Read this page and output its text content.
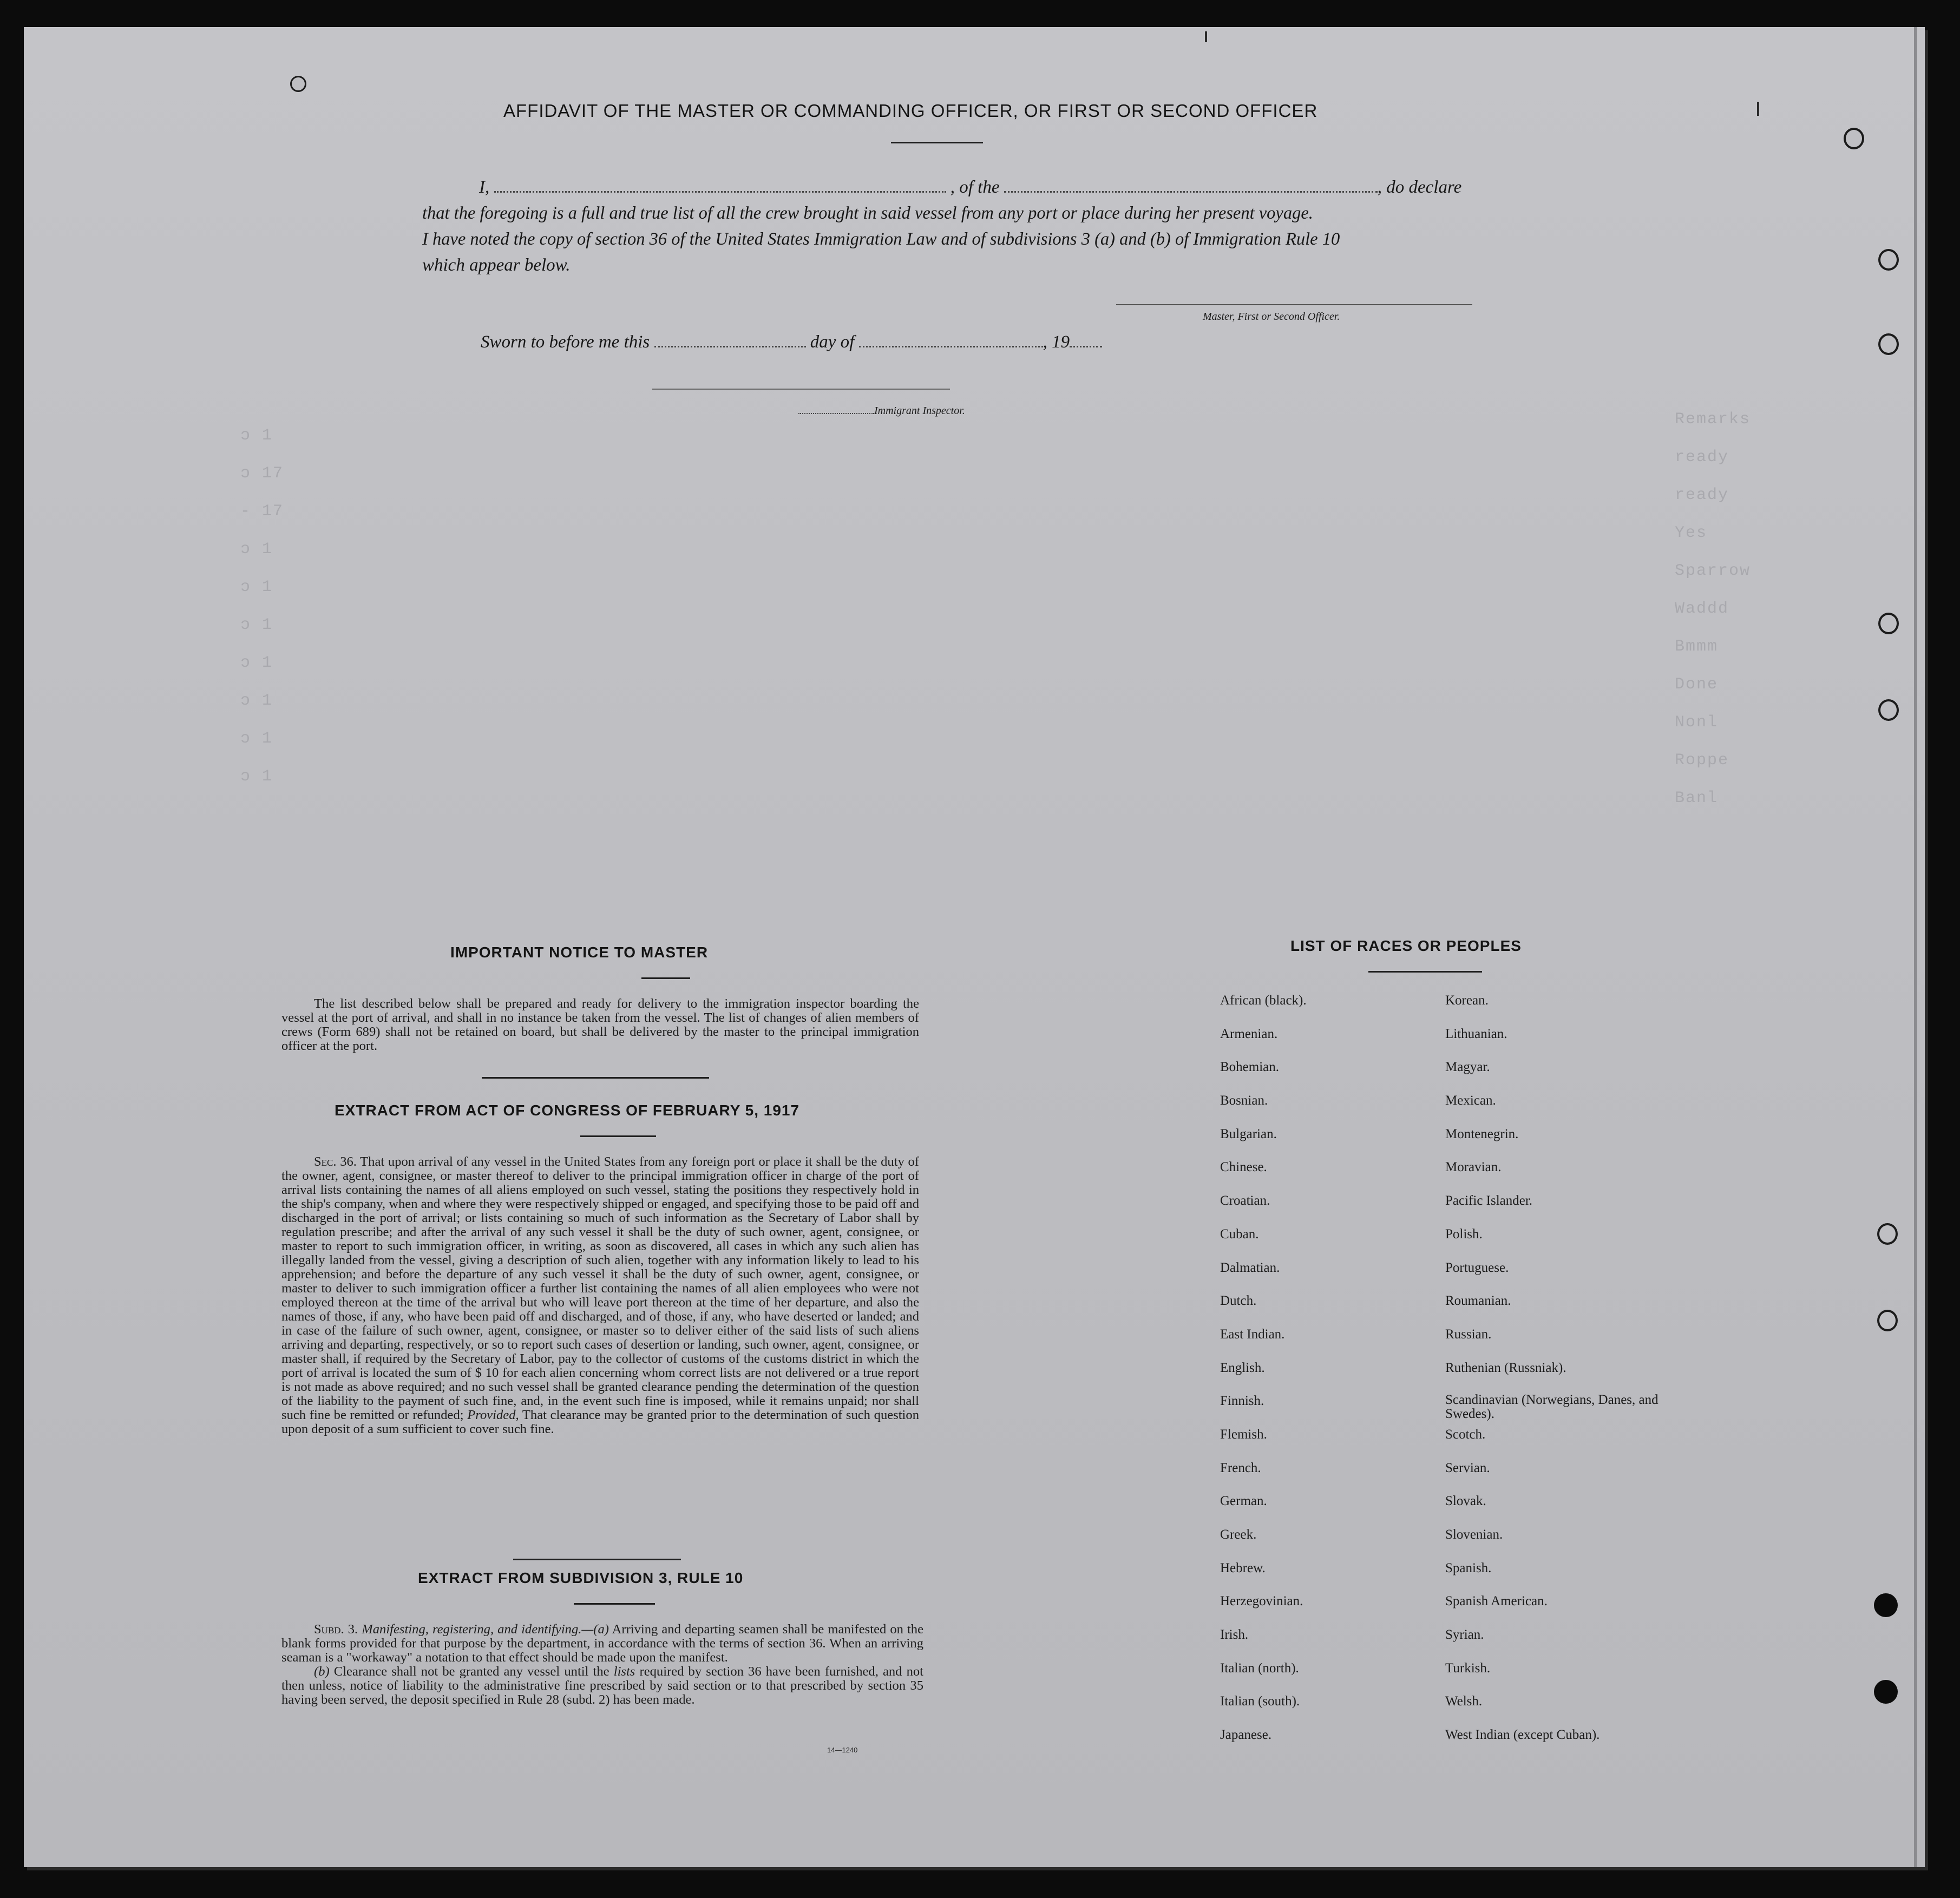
ɔ 1
ɔ 17
- 17
ɔ 1
ɔ 1
ɔ 1
ɔ 1
ɔ 1
ɔ 1
ɔ 1
Remarks
ready
ready
Yes
Sparrow
Waddd
Bmmm
Done
Nonl
Roppe
Banl
AFFIDAVIT OF THE MASTER OR COMMANDING OFFICER, OR FIRST OR SECOND OFFICER
I,	, of the	, do declare
that the foregoing is a full and true list of all the crew brought in said vessel from any port or place during her present voyage.
I have noted the copy of section 36 of the United States Immigration Law and of subdivisions 3 (a) and (b) of Immigration Rule 10
which appear below.
Master, First or Second Officer.
Sworn to before me this	day of	, 19
Immigrant Inspector.
IMPORTANT NOTICE TO MASTER

The list described below shall be prepared and ready for delivery to the immigration inspector boarding the vessel at the port of arrival, and shall in no instance be taken from the vessel. The list of changes of alien members of crews (Form 689) shall not be retained on board, but shall be delivered by the master to the principal immigration officer at the port.

EXTRACT FROM ACT OF CONGRESS OF FEBRUARY 5, 1917

Sec. 36. That upon arrival of any vessel in the United States from any foreign port or place it shall be the duty of the owner, agent, consignee, or master thereof to deliver to the principal immigration officer in charge of the port of arrival lists containing the names of all aliens employed on such vessel, stating the positions they respectively hold in the ship's company, when and where they were respectively shipped or engaged, and specifying those to be paid off and discharged in the port of arrival; or lists containing so much of such information as the Secretary of Labor shall by regulation prescribe; and after the arrival of any such vessel it shall be the duty of such owner, agent, consignee, or master to report to such immigration officer, in writing, as soon as discovered, all cases in which any such alien has illegally landed from the vessel, giving a description of such alien, together with any information likely to lead to his apprehension; and before the departure of any such vessel it shall be the duty of such owner, agent, consignee, or master to deliver to such immigration officer a further list containing the names of all alien employees who were not employed thereon at the time of the arrival but who will leave port thereon at the time of her departure, and also the names of those, if any, who have been paid off and discharged, and of those, if any, who have deserted or landed; and in case of the failure of such owner, agent, consignee, or master so to deliver either of the said lists of such aliens arriving and departing, respectively, or so to report such cases of desertion or landing, such owner, agent, consignee, or master shall, if required by the Secretary of Labor, pay to the collector of customs of the customs district in which the port of arrival is located the sum of $ 10 for each alien concerning whom correct lists are not delivered or a true report is not made as above required; and no such vessel shall be granted clearance pending the determination of the question of the liability to the payment of such fine, and, in the event such fine is imposed, while it remains unpaid; nor shall such fine be remitted or refunded; Provided, That clearance may be granted prior to the determination of such question upon deposit of a sum sufficient to cover such fine.

EXTRACT FROM SUBDIVISION 3, RULE 10

Subd. 3. Manifesting, registering, and identifying.—(a) Arriving and departing seamen shall be manifested on the blank forms provided for that purpose by the department, in accordance with the terms of section 36. When an arriving seaman is a "workaway" a notation to that effect should be made upon the manifest.

(b) Clearance shall not be granted any vessel until the lists required by section 36 have been furnished, and not then unless, notice of liability to the administrative fine prescribed by said section or to that prescribed by section 35 having been served, the deposit specified in Rule 28 (subd. 2) has been made.

14—1240
LIST OF RACES OR PEOPLES
African (black).
Armenian.
Bohemian.
Bosnian.
Bulgarian.
Chinese.
Croatian.
Cuban.
Dalmatian.
Dutch.
East Indian.
English.
Finnish.
Flemish.
French.
German.
Greek.
Hebrew.
Herzegovinian.
Irish.
Italian (north).
Italian (south).
Japanese.
Korean.
Lithuanian.
Magyar.
Mexican.
Montenegrin.
Moravian.
Pacific Islander.
Polish.
Portuguese.
Roumanian.
Russian.
Ruthenian (Russniak).
Scandinavian (Norwegians, Danes, and Swedes).
Scotch.
Servian.
Slovak.
Slovenian.
Spanish.
Spanish American.
Syrian.
Turkish.
Welsh.
West Indian (except Cuban).
